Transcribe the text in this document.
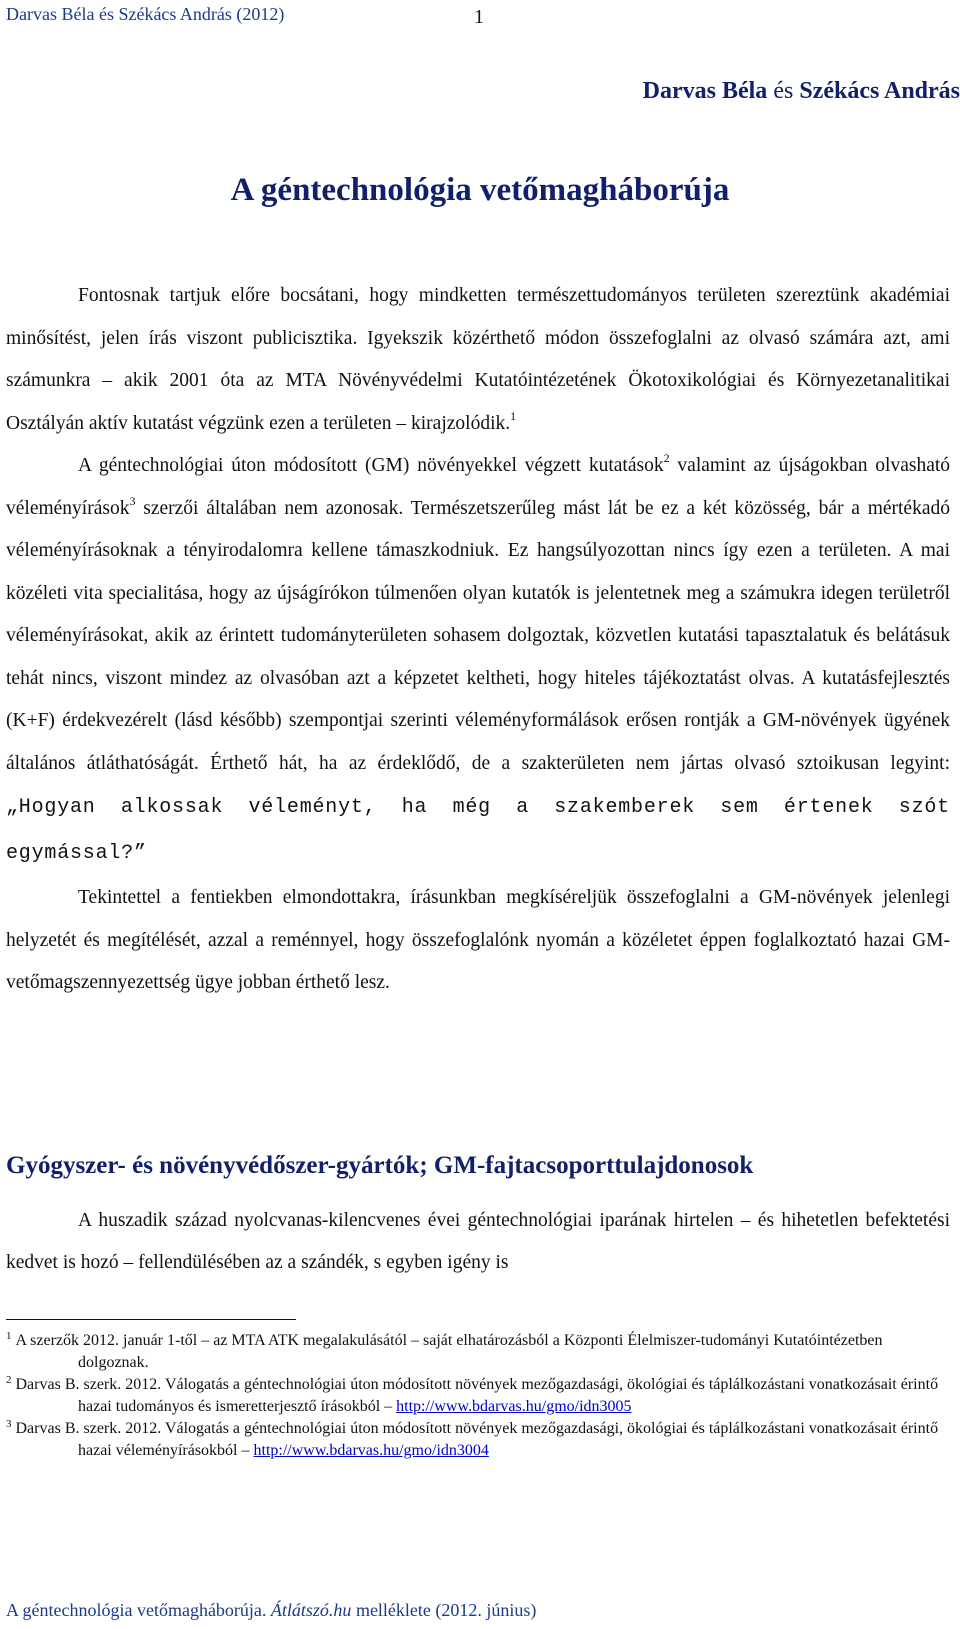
Darvas Béla és Székács András (2012)	1
Darvas Béla és Székács András
A géntechnológia vetőmagháborúja

Fontosnak tartjuk előre bocsátani, hogy mindketten természettudományos területen szereztünk akadémiai minősítést, jelen írás viszont publicisztika. Igyekszik közérthető módon összefoglalni az olvasó számára azt, ami számunkra – akik 2001 óta az MTA Növényvédelmi Kutatóintézetének Ökotoxikológiai és Környezetanalitikai Osztályán aktív kutatást végzünk ezen a területen – kirajzolódik.$^1$

A géntechnológiai úton módosított (GM) növényekkel végzett kutatások$^2$ valamint az újságokban olvasható véleményírások$^3$ szerzői általában nem azonosak. Természetszerűleg mást lát be ez a két közösség, bár a mértékadó véleményírásoknak a tényirodalomra kellene támaszkodniuk. Ez hangsúlyozottan nincs így ezen a területen. A mai közéleti vita specialitása, hogy az újságírókon túlmenően olyan kutatók is jelentetnek meg a számukra idegen területről véleményírásokat, akik az érintett tudományterületen sohasem dolgoztak, közvetlen kutatási tapasztalatuk és belátásuk tehát nincs, viszont mindez az olvasóban azt a képzetet keltheti, hogy hiteles tájékoztatást olvas. A kutatásfejlesztés (K+F) érdekvezérelt (lásd később) szempontjai szerinti véleményformálások erősen rontják a GM-növények ügyének általános átláthatóságát. Érthető hát, ha az érdeklődő, de a szakterületen nem jártas olvasó sztoikusan legyint: „Hogyan alkossak véleményt, ha még a szakemberek sem értenek szót egymással?”

Tekintettel a fentiekben elmondottakra, írásunkban megkíséreljük összefoglalni a GM-növények jelenlegi helyzetét és megítélését, azzal a reménnyel, hogy összefoglalónk nyomán a közéletet éppen foglalkoztató hazai GM-vetőmagszennyezettség ügye jobban érthető lesz.

Gyógyszer- és növényvédőszer-gyártók; GM-fajtacsoporttulajdonosok

A huszadik század nyolcvanas-kilencvenes évei géntechnológiai iparának hirtelen – és hihetetlen befektetési kedvet is hozó – fellendülésében az a szándék, s egyben igény is

$^1$ A szerzők 2012. január 1-től – az MTA ATK megalakulásától – saját elhatározásból a Központi Élelmiszer-tudományi Kutatóintézetben dolgoznak.
$^2$ Darvas B. szerk. 2012. Válogatás a géntechnológiai úton módosított növények mezőgazdasági, ökológiai és táplálkozástani vonatkozásait érintő hazai tudományos és ismeretterjesztő írásokból – http://www.bdarvas.hu/gmo/idn3005
$^3$ Darvas B. szerk. 2012. Válogatás a géntechnológiai úton módosított növények mezőgazdasági, ökológiai és táplálkozástani vonatkozásait érintő hazai véleményírásokból – http://www.bdarvas.hu/gmo/idn3004
A géntechnológia vetőmagháborúja. Átlátszó.hu melléklete (2012. június)
